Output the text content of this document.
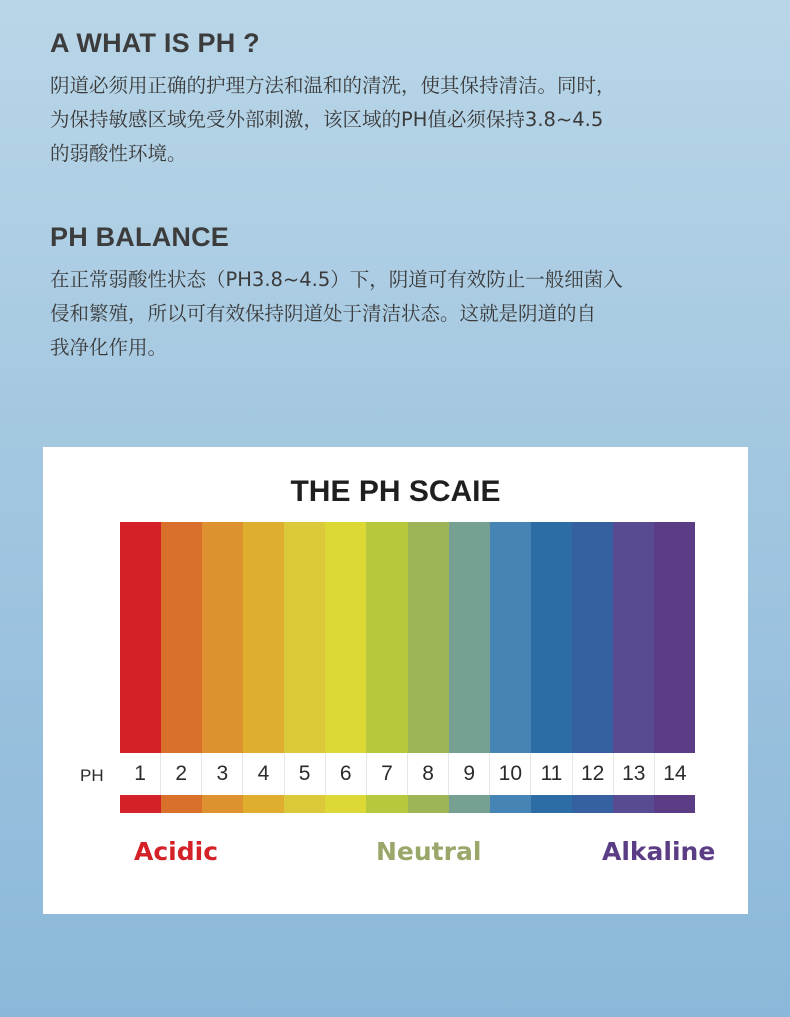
A WHAT IS PH ?

阴道必须用正确的护理方法和温和的清洗，使其保持清洁。同时，
为保持敏感区域免受外部刺激，该区域的PH值必须保持3.8~4.5
的弱酸性环境。

PH BALANCE

在正常弱酸性状态（PH3.8~4.5）下，阴道可有效防止一般细菌入
侵和繁殖，所以可有效保持阴道处于清洁状态。这就是阴道的自
我净化作用。

THE PH SCAIE
PH	1	2	3	4	5	6	7	8	9	10 11 12 13 14
Acidic	Neutral	Alkaline
